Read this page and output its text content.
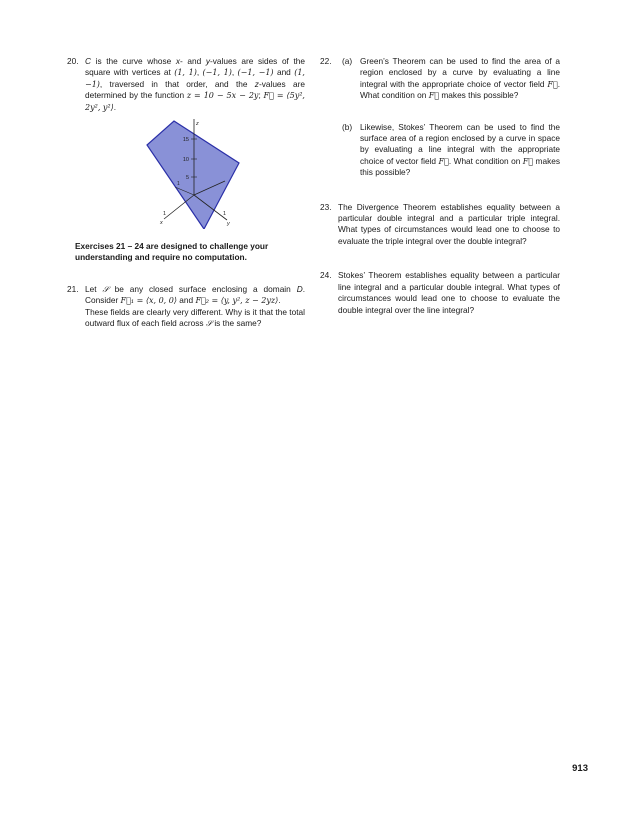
20. C is the curve whose x- and y-values are sides of the square with vertices at (1, 1), (−1, 1), (−1, −1) and (1, −1), traversed in that order, and the z-values are determined by the function z = 10 − 5x − 2y; F⃗ = ⟨5y², 2y², y²⟩.
15
10
5
z
1	1
1
x	y
Exercises 21 – 24 are designed to challenge your understanding and require no computation.
21. Let 𝒮 be any closed surface enclosing a domain D. Consider F⃗₁ = ⟨x, 0, 0⟩ and F⃗₂ = ⟨y, y², z − 2yz⟩.
These fields are clearly very different. Why is it that the total outward flux of each field across 𝒮 is the same?
22. (a) Green’s Theorem can be used to find the area of a region enclosed by a curve by evaluating a line integral with the appropriate choice of vector field F⃗. What condition on F⃗ makes this possible?
(b) Likewise, Stokes’ Theorem can be used to find the surface area of a region enclosed by a curve in space by evaluating a line integral with the appropriate choice of vector field F⃗. What condition on F⃗ makes this possible?
23. The Divergence Theorem establishes equality between a particular double integral and a particular triple integral. What types of circumstances would lead one to choose to evaluate the triple integral over the double integral?
24. Stokes’ Theorem establishes equality between a particular line integral and a particular double integral. What types of circumstances would lead one to choose to evaluate the double integral over the line integral?
913
